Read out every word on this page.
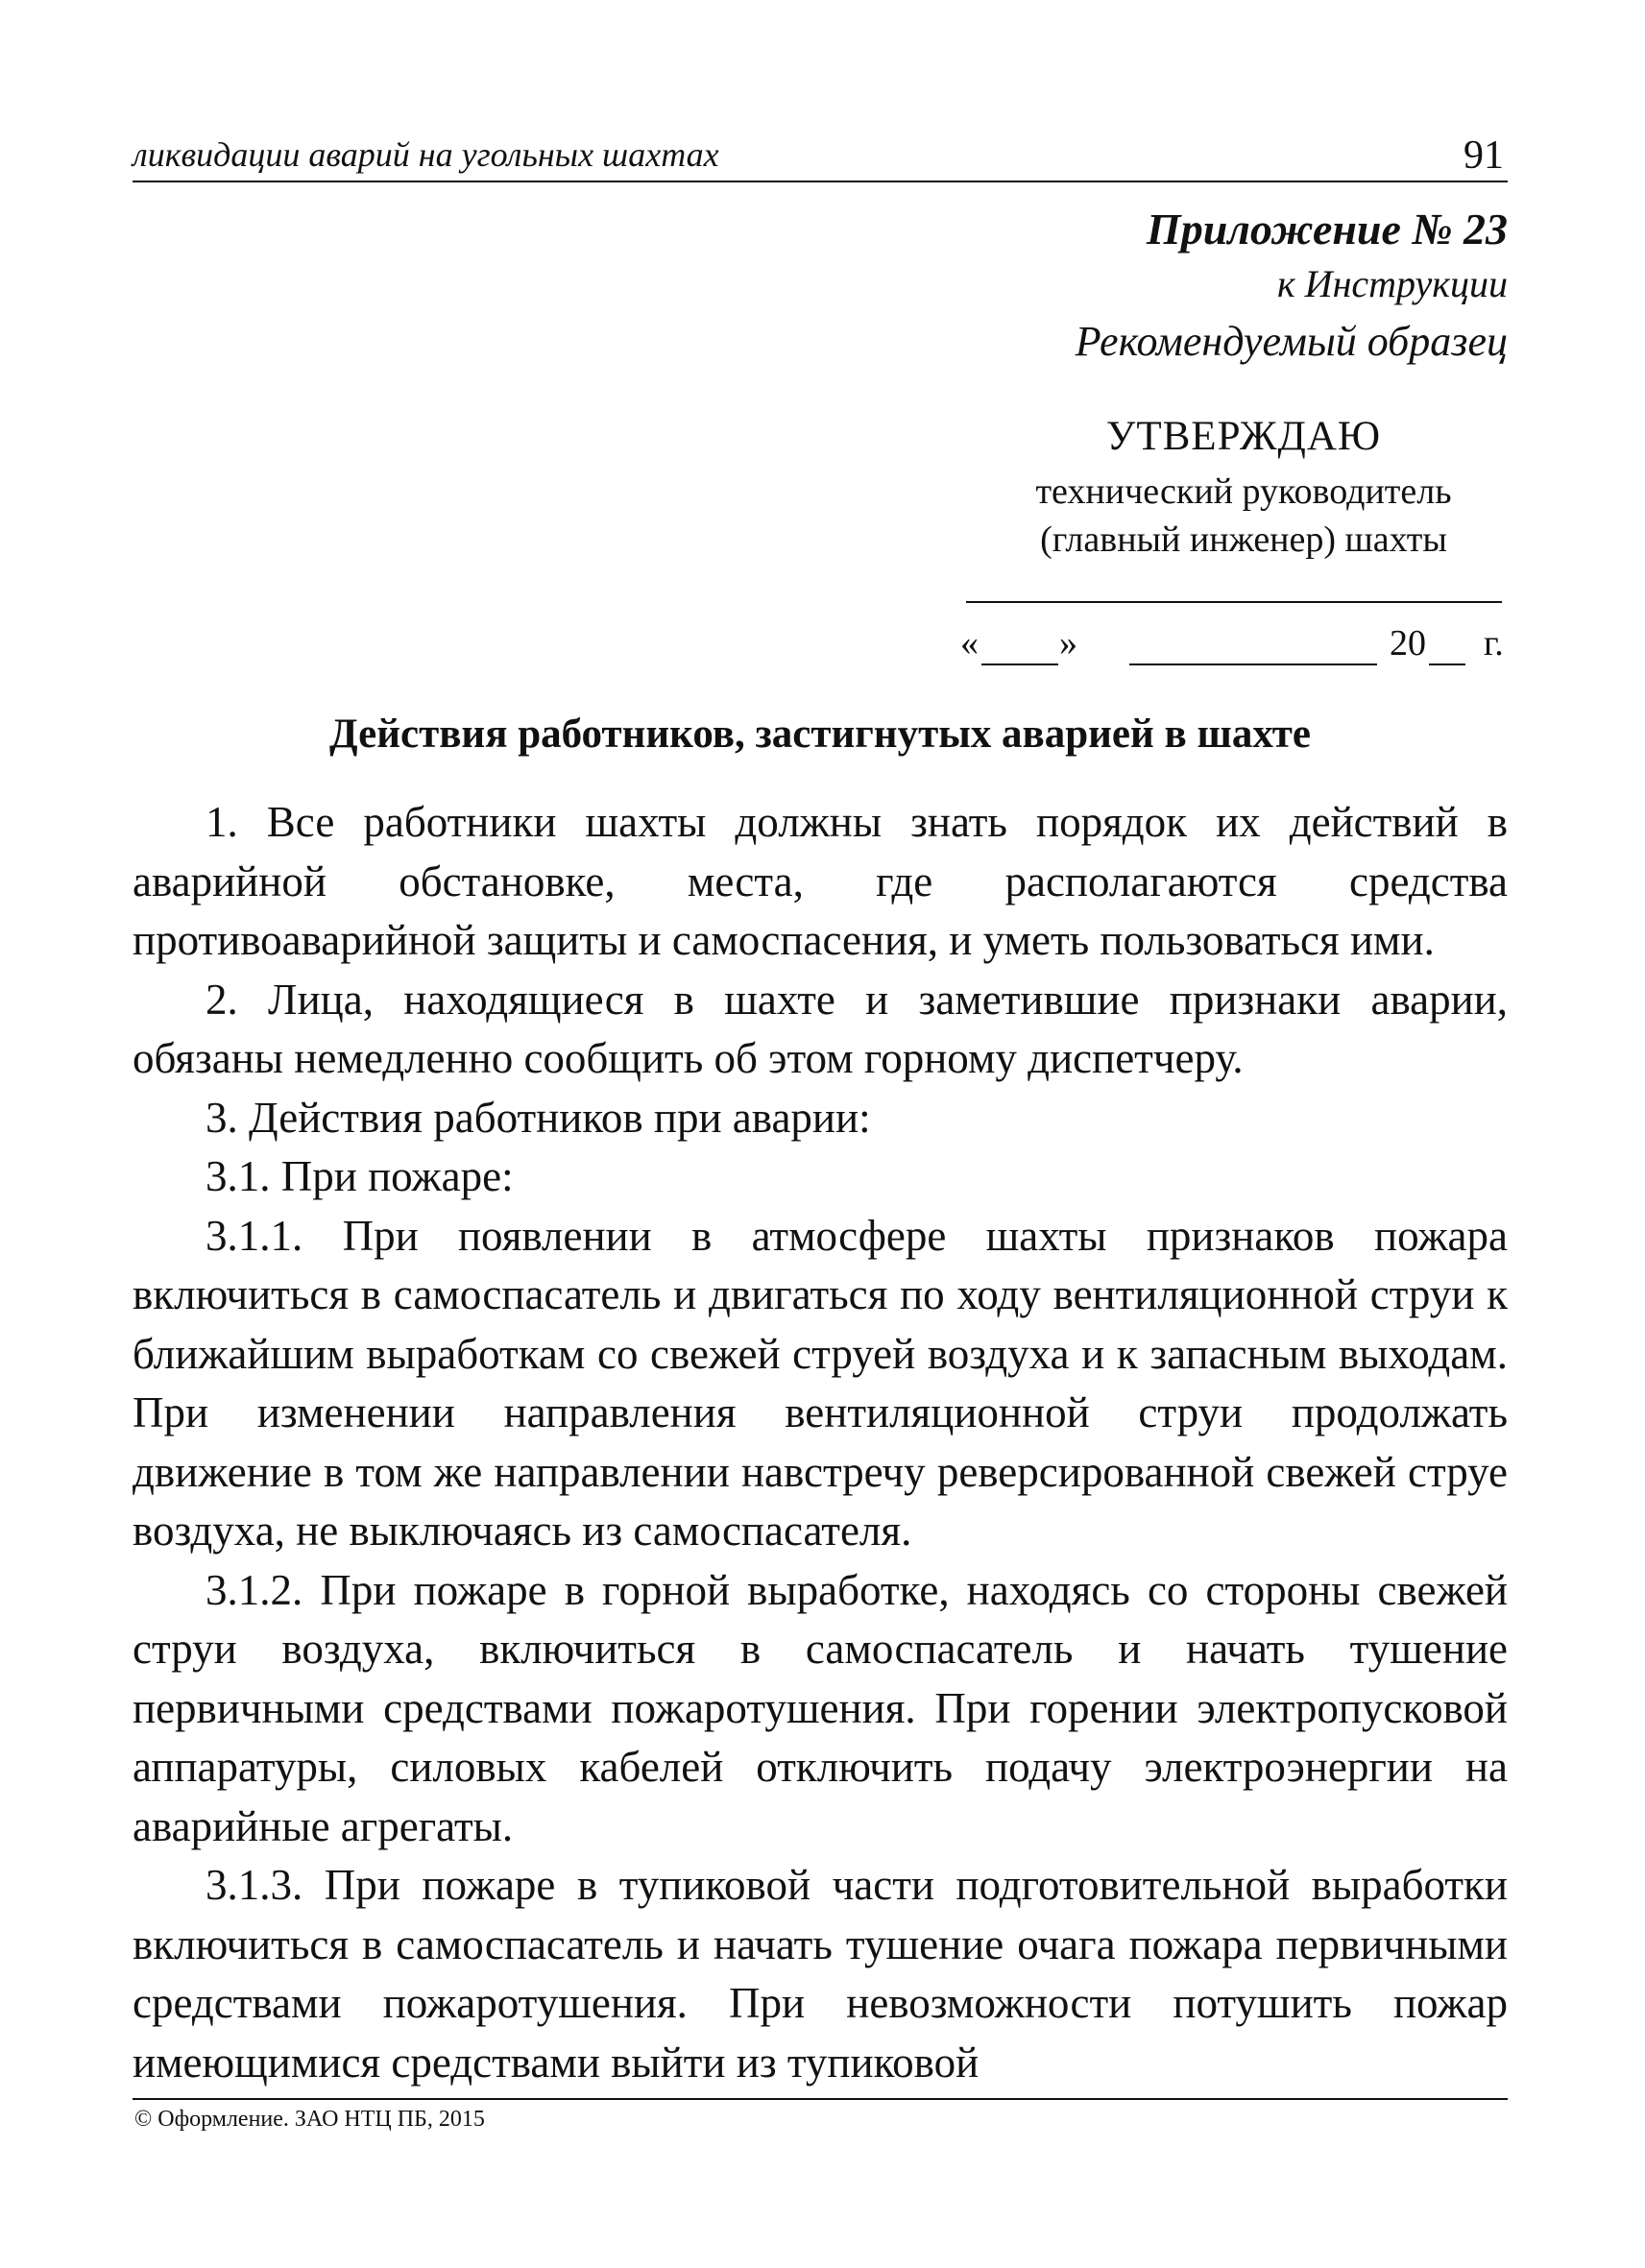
ликвидации аварий на угольных шахтах	91
Приложение № 23
к Инструкции
Рекомендуемый образец
УТВЕРЖДАЮ
технический руководитель
(главный инженер) шахты
« »	20 г.
Действия работников, застигнутых аварией в шахте

1. Все работники шахты должны знать порядок их действий в аварийной обстановке, места, где располагаются средства противоаварийной защиты и самоспасения, и уметь пользоваться ими.

2. Лица, находящиеся в шахте и заметившие признаки аварии, обязаны немедленно сообщить об этом горному диспетчеру.

3. Действия работников при аварии:

3.1. При пожаре:

3.1.1. При появлении в атмосфере шахты признаков пожара включиться в самоспасатель и двигаться по ходу вентиляционной струи к ближайшим выработкам со свежей струей воздуха и к запасным выходам. При изменении направления вентиляционной струи продолжать движение в том же направлении навстречу реверсированной свежей струе воздуха, не выключаясь из самоспасателя.

3.1.2. При пожаре в горной выработке, находясь со стороны свежей струи воздуха, включиться в самоспасатель и начать тушение первичными средствами пожаротушения. При горении электропусковой аппаратуры, силовых кабелей отключить подачу электроэнергии на аварийные агрегаты.

3.1.3. При пожаре в тупиковой части подготовительной выработки включиться в самоспасатель и начать тушение очага пожара первичными средствами пожаротушения. При невозможности потушить пожар имеющимися средствами выйти из тупиковой

© Оформление. ЗАО НТЦ ПБ, 2015
